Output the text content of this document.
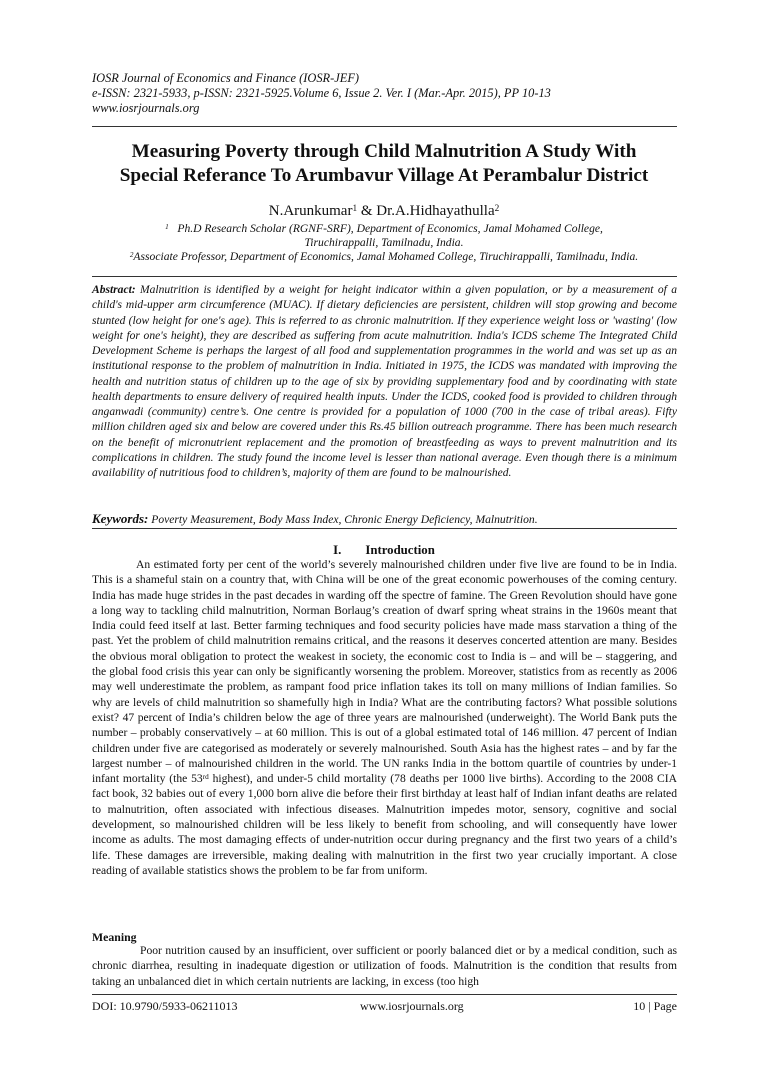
IOSR Journal of Economics and Finance (IOSR-JEF)
e-ISSN: 2321-5933, p-ISSN: 2321-5925.Volume 6, Issue 2. Ver. I (Mar.-Apr. 2015), PP 10-13
www.iosrjournals.org
Measuring Poverty through Child Malnutrition A Study With
Special Referance To Arumbavur Village At Perambalur District
N.Arunkumar$^1$ & Dr.A.Hidhayathulla$^2$
$^1$ Ph.D Research Scholar (RGNF-SRF), Department of Economics, Jamal Mohamed College,
Tiruchirappalli, Tamilnadu, India.
$^2$Associate Professor, Department of Economics, Jamal Mohamed College, Tiruchirappalli, Tamilnadu, India.
Abstract: Malnutrition is identified by a weight for height indicator within a given population, or by a measurement of a child's mid-upper arm circumference (MUAC). If dietary deficiencies are persistent, children will stop growing and become stunted (low height for one's age). This is referred to as chronic malnutrition. If they experience weight loss or 'wasting' (low weight for one's height), they are described as suffering from acute malnutrition. India's ICDS scheme The Integrated Child Development Scheme is perhaps the largest of all food and supplementation programmes in the world and was set up as an institutional response to the problem of malnutrition in India. Initiated in 1975, the ICDS was mandated with improving the health and nutrition status of children up to the age of six by providing supplementary food and by coordinating with state health departments to ensure delivery of required health inputs. Under the ICDS, cooked food is provided to children through anganwadi (community) centre’s. One centre is provided for a population of 1000 (700 in the case of tribal areas). Fifty million children aged six and below are covered under this Rs.45 billion outreach programme. There has been much research on the benefit of micronutrient replacement and the promotion of breastfeeding as ways to prevent malnutrition and its complications in children. The study found the income level is lesser than national average. Even though there is a minimum availability of nutritious food to children’s, majority of them are found to be malnourished.
Keywords: Poverty Measurement, Body Mass Index, Chronic Energy Deficiency, Malnutrition.
I. Introduction

An estimated forty per cent of the world’s severely malnourished children under five live are found to be in India. This is a shameful stain on a country that, with China will be one of the great economic powerhouses of the coming century. India has made huge strides in the past decades in warding off the spectre of famine. The Green Revolution should have gone a long way to tackling child malnutrition, Norman Borlaug’s creation of dwarf spring wheat strains in the 1960s meant that India could feed itself at last. Better farming techniques and food security policies have made mass starvation a thing of the past. Yet the problem of child malnutrition remains critical, and the reasons it deserves concerted attention are many. Besides the obvious moral obligation to protect the weakest in society, the economic cost to India is – and will be – staggering, and the global food crisis this year can only be significantly worsening the problem. Moreover, statistics from as recently as 2006 may well underestimate the problem, as rampant food price inflation takes its toll on many millions of Indian families. So why are levels of child malnutrition so shamefully high in India? What are the contributing factors? What possible solutions exist? 47 percent of India’s children below the age of three years are malnourished (underweight). The World Bank puts the number – probably conservatively – at 60 million. This is out of a global estimated total of 146 million. 47 percent of Indian children under five are categorised as moderately or severely malnourished. South Asia has the highest rates – and by far the largest number – of malnourished children in the world. The UN ranks India in the bottom quartile of countries by under-1 infant mortality (the 53rd highest), and under-5 child mortality (78 deaths per 1000 live births). According to the 2008 CIA fact book, 32 babies out of every 1,000 born alive die before their first birthday at least half of Indian infant deaths are related to malnutrition, often associated with infectious diseases. Malnutrition impedes motor, sensory, cognitive and social development, so malnourished children will be less likely to benefit from schooling, and will consequently have lower income as adults. The most damaging effects of under-nutrition occur during pregnancy and the first two years of a child’s life. These damages are irreversible, making dealing with malnutrition in the first two year crucially important. A close reading of available statistics shows the problem to be far from uniform.

Meaning

Poor nutrition caused by an insufficient, over sufficient or poorly balanced diet or by a medical condition, such as chronic diarrhea, resulting in inadequate digestion or utilization of foods. Malnutrition is the condition that results from taking an unbalanced diet in which certain nutrients are lacking, in excess (too high

DOI: 10.9790/5933-06211013	www.iosrjournals.org	10 | Page
